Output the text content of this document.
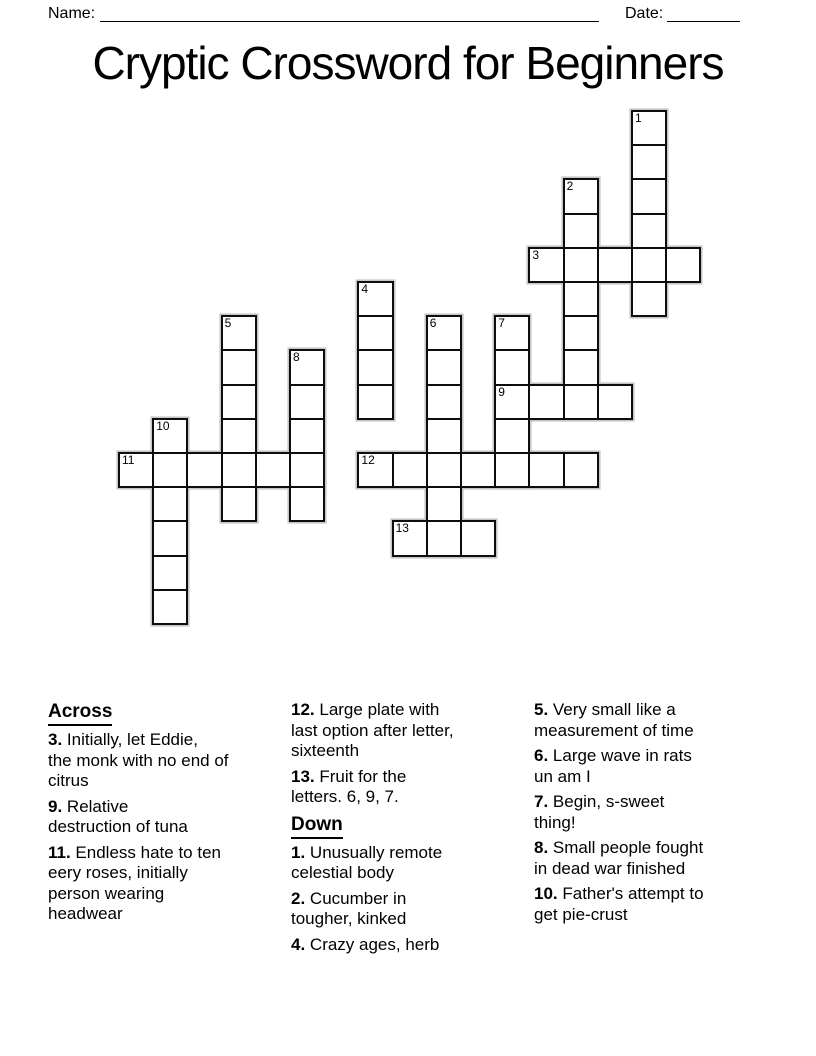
Name:	Date:
Cryptic Crossword for Beginners
1
2
3
4
5	6	7
9
8
10
11	12
13
Across
3. Initially, let Eddie,
the monk with no end of
citrus
9. Relative
destruction of tuna
11. Endless hate to ten
eery roses, initially
person wearing
headwear
12. Large plate with
last option after letter,
sixteenth
13. Fruit for the
letters. 6, 9, 7.
Down
1. Unusually remote
celestial body
2. Cucumber in
tougher, kinked
4. Crazy ages, herb
5. Very small like a
measurement of time
6. Large wave in rats
un am I
7. Begin, s-sweet
thing!
8. Small people fought
in dead war finished
10. Father's attempt to
get pie-crust
